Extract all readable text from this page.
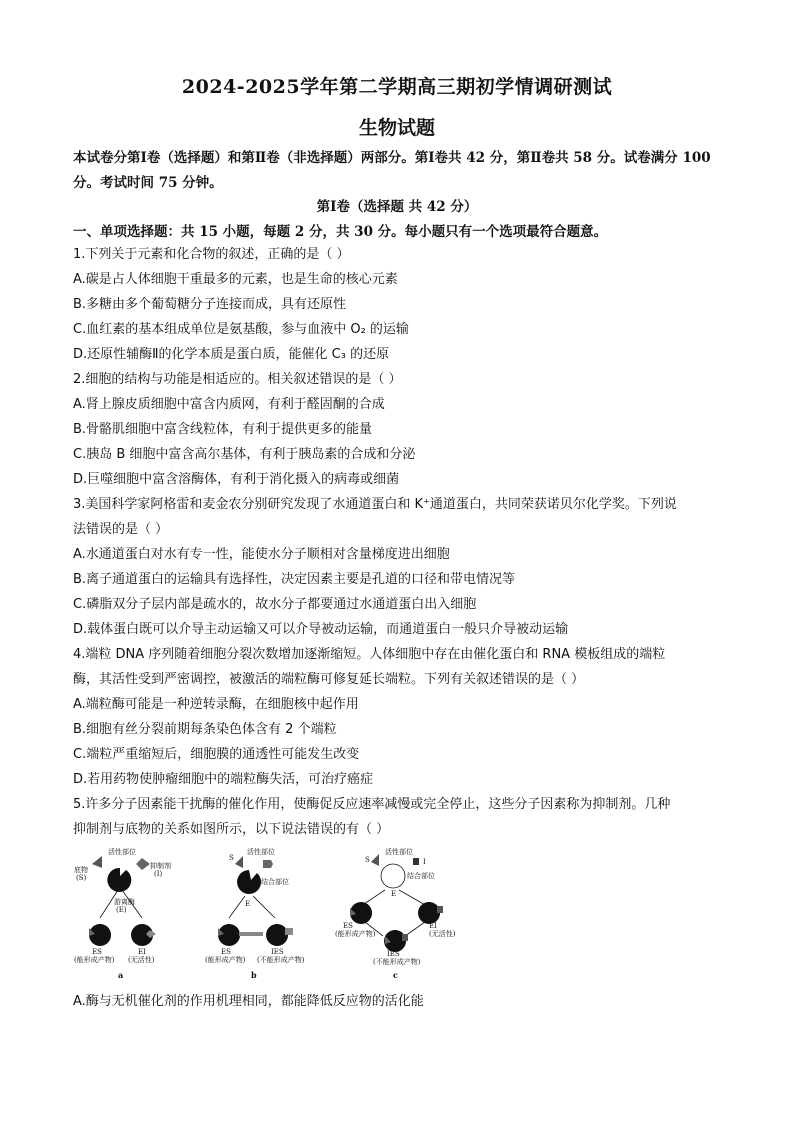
2024-2025学年第二学期高三期初学情调研测试
生物试题
本试卷分第Ⅰ卷（选择题）和第Ⅱ卷（非选择题）两部分。第Ⅰ卷共 42 分，第Ⅱ卷共 58 分。试卷满分 100 分。考试时间 75 分钟。
第Ⅰ卷（选择题 共 42 分）
一、单项选择题：共 15 小题，每题 2 分，共 30 分。每小题只有一个选项最符合题意。
1.下列关于元素和化合物的叙述，正确的是（ ）
A.碳是占人体细胞干重最多的元素，也是生命的核心元素
B.多糖由多个葡萄糖分子连接而成，具有还原性
C.血红素的基本组成单位是氨基酸，参与血液中 O₂ 的运输
D.还原性辅酶Ⅱ的化学本质是蛋白质，能催化 C₃ 的还原
2.细胞的结构与功能是相适应的。相关叙述错误的是（ ）
A.肾上腺皮质细胞中富含内质网，有利于醛固酮的合成
B.骨骼肌细胞中富含线粒体，有利于提供更多的能量
C.胰岛 B 细胞中富含高尔基体，有利于胰岛素的合成和分泌
D.巨噬细胞中富含溶酶体，有利于消化摄入的病毒或细菌
3.美国科学家阿格雷和麦金农分别研究发现了水通道蛋白和 K⁺通道蛋白，共同荣获诺贝尔化学奖。下列说
法错误的是（ ）
A.水通道蛋白对水有专一性，能使水分子顺相对含量梯度进出细胞
B.离子通道蛋白的运输具有选择性，决定因素主要是孔道的口径和带电情况等
C.磷脂双分子层内部是疏水的，故水分子都要通过水通道蛋白出入细胞
D.载体蛋白既可以介导主动运输又可以介导被动运输，而通道蛋白一般只介导被动运输
4.端粒 DNA 序列随着细胞分裂次数增加逐渐缩短。人体细胞中存在由催化蛋白和 RNA 模板组成的端粒
酶，其活性受到严密调控，被激活的端粒酶可修复延长端粒。下列有关叙述错误的是（ ）
A.端粒酶可能是一种逆转录酶，在细胞核中起作用
B.细胞有丝分裂前期每条染色体含有 2 个端粒
C.端粒严重缩短后，细胞膜的通透性可能发生改变
D.若用药物使肿瘤细胞中的端粒酶失活，可治疗癌症
5.许多分子因素能干扰酶的催化作用，使酶促反应速率减慢或完全停止，这些分子因素称为抑制剂。几种
抑制剂与底物的关系如图所示，以下说法错误的有（ ）
活性部位
抑制剂
(I)
底物
(S)
游离酶
(E)
ES
(能形成产物)
EI
(无活性)
a
S
活性部位
结合部位
E
ES
(能形成产物)
IES
(不能形成产物)
b
S
活性部位
I
结合部位
E
ES
(能形成产物)
EI
(无活性)
IES
(不能形成产物)
c
A.酶与无机催化剂的作用机理相同，都能降低反应物的活化能
